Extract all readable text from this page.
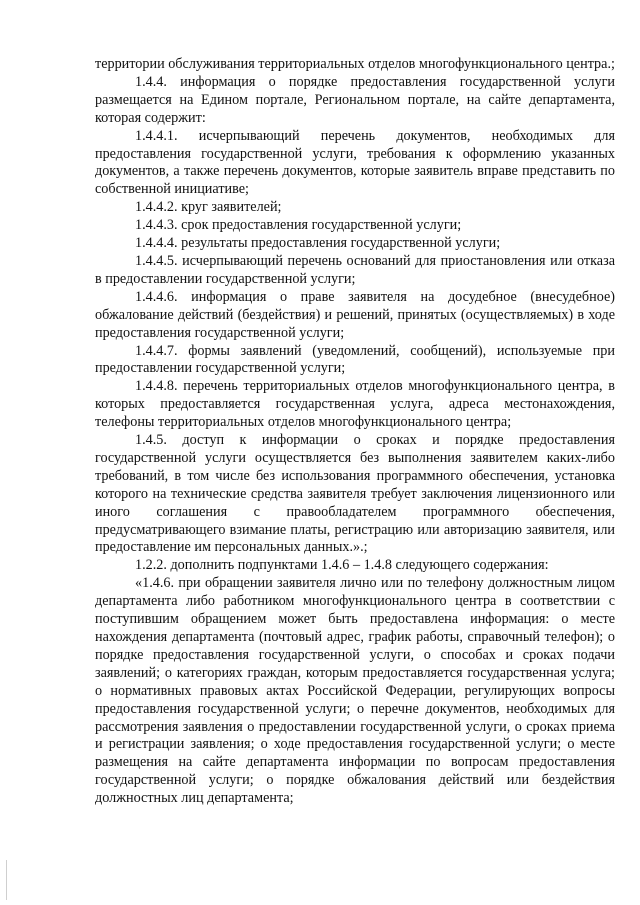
территории обслуживания территориальных отделов многофункционального центра.;

1.4.4. информация о порядке предоставления государственной услуги размещается на Едином портале, Региональном портале, на сайте департамента, которая содержит:

1.4.4.1. исчерпывающий перечень документов, необходимых для предоставления государственной услуги, требования к оформлению указанных документов, а также перечень документов, которые заявитель вправе представить по собственной инициативе;

1.4.4.2. круг заявителей;

1.4.4.3. срок предоставления государственной услуги;

1.4.4.4. результаты предоставления государственной услуги;

1.4.4.5. исчерпывающий перечень оснований для приостановления или отказа в предоставлении государственной услуги;

1.4.4.6. информация о праве заявителя на досудебное (внесудебное) обжалование действий (бездействия) и решений, принятых (осуществляемых) в ходе предоставления государственной услуги;

1.4.4.7. формы заявлений (уведомлений, сообщений), используемые при предоставлении государственной услуги;

1.4.4.8. перечень территориальных отделов многофункционального центра, в которых предоставляется государственная услуга, адреса местонахождения, телефоны территориальных отделов многофункционального центра;

1.4.5. доступ к информации о сроках и порядке предоставления государственной услуги осуществляется без выполнения заявителем каких-либо требований, в том числе без использования программного обеспечения, установка которого на технические средства заявителя требует заключения лицензионного или иного соглашения с правообладателем программного обеспечения, предусматривающего взимание платы, регистрацию или авторизацию заявителя, или предоставление им персональных данных.».;

1.2.2. дополнить подпунктами 1.4.6 – 1.4.8 следующего содержания:

«1.4.6. при обращении заявителя лично или по телефону должностным лицом департамента либо работником многофункционального центра в соответствии с поступившим обращением может быть предоставлена информация: о месте нахождения департамента (почтовый адрес, график работы, справочный телефон); о порядке предоставления государственной услуги, о способах и сроках подачи заявлений; о категориях граждан, которым предоставляется государственная услуга; о нормативных правовых актах Российской Федерации, регулирующих вопросы предоставления государственной услуги; о перечне документов, необходимых для рассмотрения заявления о предоставлении государственной услуги, о сроках приема и регистрации заявления; о ходе предоставления государственной услуги; о месте размещения на сайте департамента информации по вопросам предоставления государственной услуги; о порядке обжалования действий или бездействия должностных лиц департамента;
